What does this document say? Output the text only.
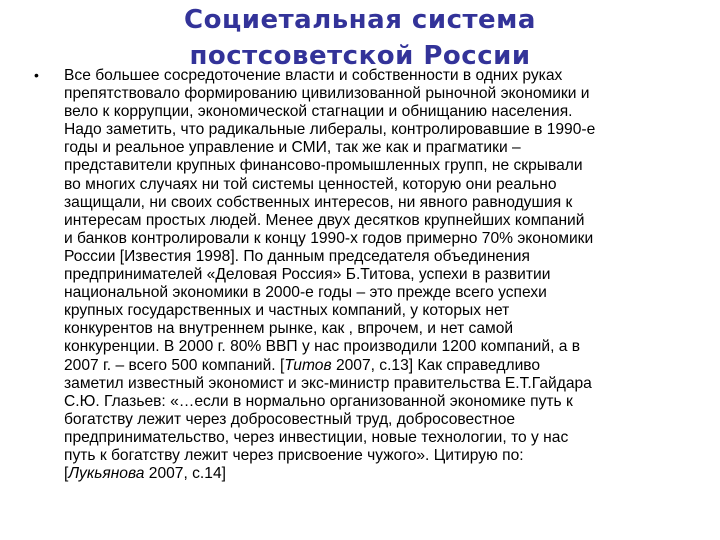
Социетальная система
постсоветской России
• Все большее сосредоточение власти и собственности в одних руках
препятствовало формированию цивилизованной рыночной экономики и
вело к коррупции, экономической стагнации и обнищанию населения.
Надо заметить, что радикальные либералы, контролировавшие в 1990-е
годы и реальное управление и СМИ, так же как и прагматики –
представители крупных финансово-промышленных групп, не скрывали
во многих случаях ни той системы ценностей, которую они реально
защищали, ни своих собственных интересов, ни явного равнодушия к
интересам простых людей. Менее двух десятков крупнейших компаний
и банков контролировали к концу 1990-х годов примерно 70% экономики
России [Известия 1998]. По данным председателя объединения
предпринимателей «Деловая Россия» Б.Титова, успехи в развитии
национальной экономики в 2000-е годы – это прежде всего успехи
крупных государственных и частных компаний, у которых нет
конкурентов на внутреннем рынке, как , впрочем, и нет самой
конкуренции. В 2000 г. 80% ВВП у нас производили 1200 компаний, а в
2007 г. – всего 500 компаний. [Титов 2007, с.13] Как справедливо
заметил известный экономист и экс-министр правительства Е.Т.Гайдара
С.Ю. Глазьев: «…если в нормально организованной экономике путь к
богатству лежит через добросовестный труд, добросовестное
предпринимательство, через инвестиции, новые технологии, то у нас
путь к богатству лежит через присвоение чужого». Цитирую по:
[Лукьянова 2007, с.14]
